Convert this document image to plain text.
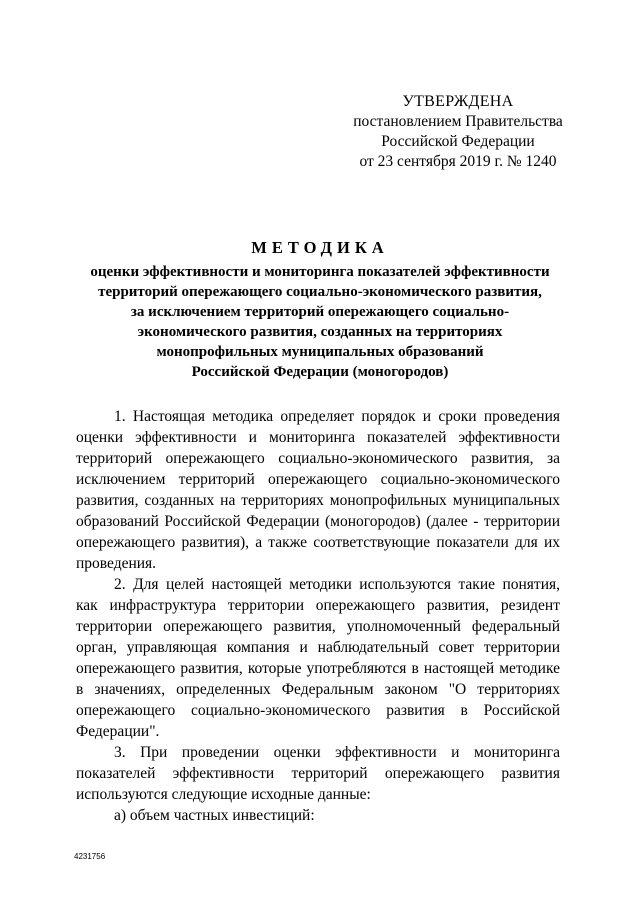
УТВЕРЖДЕНА
постановлением Правительства
Российской Федерации
от 23 сентября 2019 г. № 1240
МЕТОДИКА
оценки эффективности и мониторинга показателей эффективности
территорий опережающего социально-экономического развития,
за исключением территорий опережающего социально-
экономического развития, созданных на территориях
монопрофильных муниципальных образований
Российской Федерации (моногородов)

1. Настоящая методика определяет порядок и сроки проведения оценки эффективности и мониторинга показателей эффективности территорий опережающего социально-экономического развития, за исключением территорий опережающего социально-экономического развития, созданных на территориях монопрофильных муниципальных образований Российской Федерации (моногородов) (далее - территории опережающего развития), а также соответствующие показатели для их проведения.

2. Для целей настоящей методики используются такие понятия, как инфраструктура территории опережающего развития, резидент территории опережающего развития, уполномоченный федеральный орган, управляющая компания и наблюдательный совет территории опережающего развития, которые употребляются в настоящей методике в значениях, определенных Федеральным законом "О территориях опережающего социально-экономического развития в Российской Федерации".

3. При проведении оценки эффективности и мониторинга показателей эффективности территорий опережающего развития используются следующие исходные данные:

а) объем частных инвестиций:

4231756
